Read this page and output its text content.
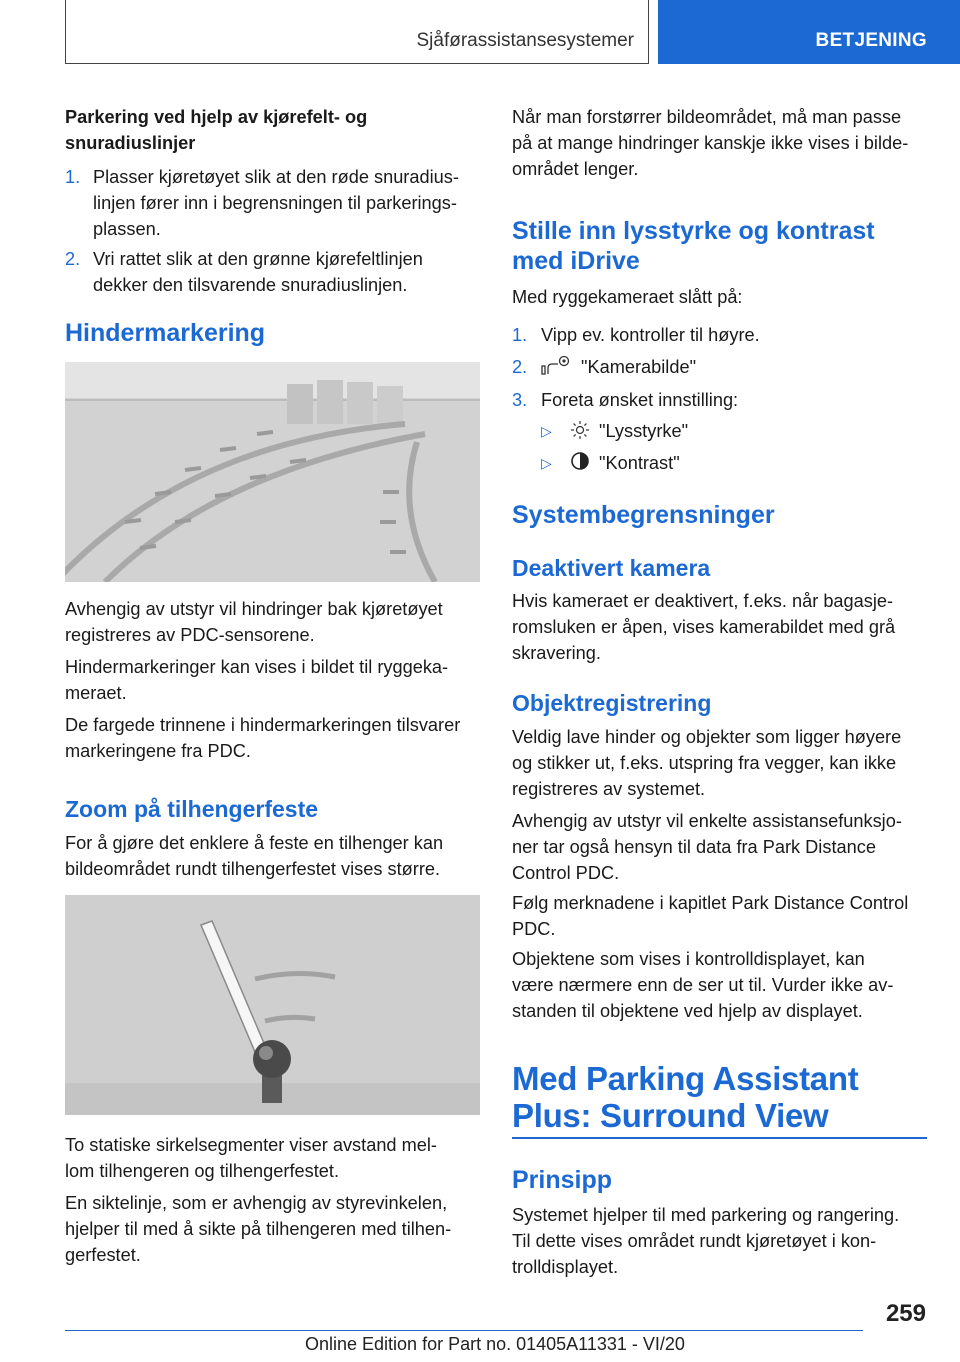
Sjåførassistansesystemer	BETJENING
Parkering ved hjelp av kjørefelt- og
snuradiuslinjer
1. Plasser kjøretøyet slik at den røde snuradius-
linjen fører inn i begrensningen til parkerings-
plassen.
2. Vri rattet slik at den grønne kjørefeltlinjen
dekker den tilsvarende snuradiuslinjen.
Hindermarkering
Avhengig av utstyr vil hindringer bak kjøretøyet
registreres av PDC-sensorene.
Hindermarkeringer kan vises i bildet til ryggeka-
meraet.
De fargede trinnene i hindermarkeringen tilsvarer
markeringene fra PDC.
Zoom på tilhengerfeste
For å gjøre det enklere å feste en tilhenger kan
bildeområdet rundt tilhengerfestet vises større.
To statiske sirkelsegmenter viser avstand mel-
lom tilhengeren og tilhengerfestet.
En siktelinje, som er avhengig av styrevinkelen,
hjelper til med å sikte på tilhengeren med tilhen-
gerfestet.
Når man forstørrer bildeområdet, må man passe
på at mange hindringer kanskje ikke vises i bilde-
området lenger.
Stille inn lysstyrke og kontrast
med iDrive
Med ryggekameraet slått på:
1. Vipp ev. kontroller til høyre.
2.	"Kamerabilde"
3. Foreta ønsket innstilling:
▷	"Lysstyrke"
▷	"Kontrast"
Systembegrensninger
Deaktivert kamera
Hvis kameraet er deaktivert, f.eks. når bagasje-
romsluken er åpen, vises kamerabildet med grå
skravering.
Objektregistrering
Veldig lave hinder og objekter som ligger høyere
og stikker ut, f.eks. utspring fra vegger, kan ikke
registreres av systemet.
Avhengig av utstyr vil enkelte assistansefunksjo-
ner tar også hensyn til data fra Park Distance
Control PDC.
Følg merknadene i kapitlet Park Distance Control
PDC.
Objektene som vises i kontrolldisplayet, kan
være nærmere enn de ser ut til. Vurder ikke av-
standen til objektene ved hjelp av displayet.
Med Parking Assistant
Plus: Surround View
Prinsipp
Systemet hjelper til med parkering og rangering.
Til dette vises området rundt kjøretøyet i kon-
trolldisplayet.
259
Online Edition for Part no. 01405A11331 - VI/20
